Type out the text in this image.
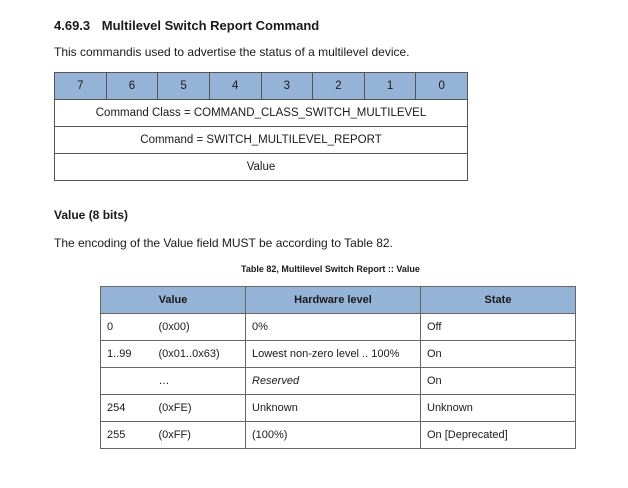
4.69.3 Multilevel Switch Report Command
This commandis used to advertise the status of a multilevel device.
7	6	5	4	3	2	1	0
Command Class = COMMAND_CLASS_SWITCH_MULTILEVEL
Command = SWITCH_MULTILEVEL_REPORT
Value
Value (8 bits)
The encoding of the Value field MUST be according to Table 82.
Table 82, Multilevel Switch Report :: Value
Value		Hardware level	State
0	(0x00)	0%	Off
1..99	(0x01..0x63)	Lowest non-zero level .. 100%	On
	…	Reserved	On
254	(0xFE)	Unknown	Unknown
255	(0xFF)	(100%)	On [Deprecated]
